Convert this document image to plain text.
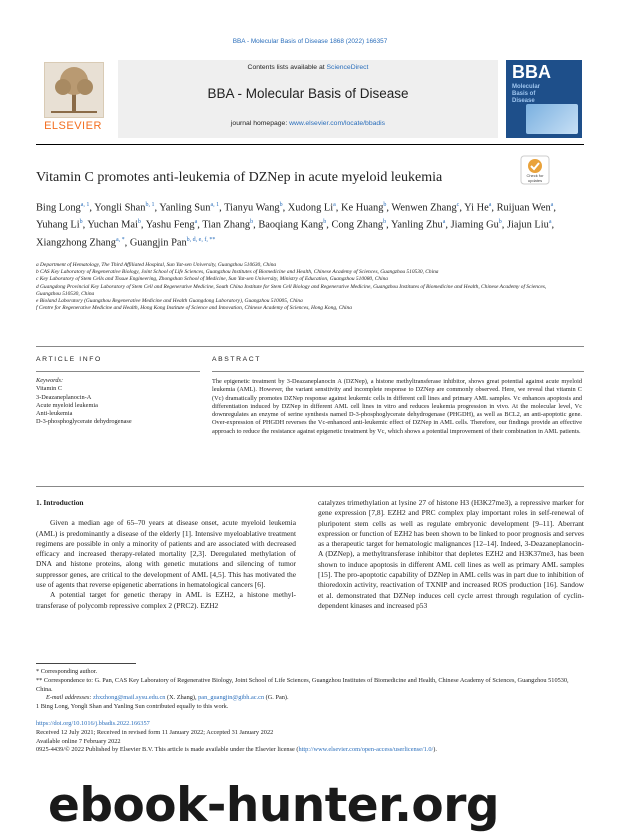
BBA - Molecular Basis of Disease 1868 (2022) 166357
ELSEVIER
Contents lists available at ScienceDirect
BBA - Molecular Basis of Disease
journal homepage: www.elsevier.com/locate/bbadis
BBA
Molecular
Basis of
Disease
Vitamin C promotes anti-leukemia of DZNep in acute myeloid leukemia	Check for
updates
Bing Long$^{a, 1}$, Yongli Shan$^{b, 1}$, Yanling Sun$^{a, 1}$, Tianyu Wang$^b$, Xudong Li$^a$, Ke Huang$^b$, Wenwen Zhang$^c$, Yi He$^a$, Ruijuan Wen$^a$, Yuhang Li$^b$, Yuchan Mai$^b$, Yashu Feng$^a$, Tian Zhang$^b$, Baoqiang Kang$^b$, Cong Zhang$^b$, Yanling Zhu$^a$, Jiaming Gu$^b$, Jiajun Liu$^a$, Xiangzhong Zhang$^{a, *}$, Guangjin Pan$^{b, d, e, f, **}$
a Department of Hematology, The Third Affiliated Hospital, Sun Yat-sen University, Guangzhou 510630, China
b CAS Key Laboratory of Regenerative Biology, Joint School of Life Sciences, Guangzhou Institutes of Biomedicine and Health, Chinese Academy of Sciences, Guangzhou 510530, China
c Key Laboratory of Stem Cells and Tissue Engineering, Zhongshan School of Medicine, Sun Yat-sen University, Ministry of Education, Guangzhou 510080, China
d Guangdong Provincial Key Laboratory of Stem Cell and Regenerative Medicine, South China Institute for Stem Cell Biology and Regenerative Medicine, Guangzhou Institutes of Biomedicine and Health, Chinese Academy of Sciences, Guangzhou 510530, China
e Bioland Laboratory (Guangzhou Regenerative Medicine and Health Guangdong Laboratory), Guangzhou 510005, China
f Centre for Regenerative Medicine and Health, Hong Kong Institute of Science and Innovation, Chinese Academy of Sciences, Hong Kong, China
ARTICLE INFO	ABSTRACT
Keywords:
Vitamin C
3-Deazaneplanocin-A
Acute myeloid leukemia
Anti-leukemia
D-3-phosphoglycerate dehydrogenase
The epigenetic treatment by 3-Deazaneplanocin A (DZNep), a histone methyltransferase inhibitor, shows great potential against acute myeloid leukemia (AML). However, the variant sensitivity and incomplete response to DZNep are commonly observed. Here, we reveal that vitamin C (Vc) dramatically promotes DZNep response against leukemic cells in different cell lines and primary AML samples. Vc enhances apoptosis and differentiation induced by DZNep in different AML cell lines in vitro and reduces leukemia progression in vivo. At the molecular level, Vc downregulates an enzyme of serine synthesis named D-3-phosphoglycerate dehydrogenase (PHGDH), as well as BCL2, an anti-apoptotic gene. Over-expression of PHGDH reverses the Vc-enhanced anti-leukemic effect of DZNep in AML cells. Therefore, our findings provide an effective approach to reduce the resistance against epigenetic treatment by Vc, which shows a potential improvement of their combination in AML patients.
1. Introduction

Given a median age of 65–70 years at disease onset, acute myeloid leukemia (AML) is predominantly a disease of the elderly [1]. Intensive myeloablative treatment regimens are possible in only a minority of patients and are associated with decreased efficacy and increased therapy-related mortality [2,3]. Deregulated methylation of DNA and histone proteins, along with genetic mutations and silencing of tumor suppressor genes, are critical to the development of AML [4,5]. This has motivated the use of agents that reverse epigenetic aberrations in hematological cancers [6].

A potential target for genetic therapy in AML is EZH2, a histone methyl-transferase of polycomb repressive complex 2 (PRC2). EZH2

catalyzes trimethylation at lysine 27 of histone H3 (H3K27me3), a repressive marker for gene expression [7,8]. EZH2 and PRC complex play important roles in self-renewal of pluripotent stem cells as well as regulate embryonic development [9–11]. Aberrant expression or function of EZH2 has been shown to be linked to poor prognosis and serves as a therapeutic target for hematologic malignances [12–14]. Indeed, 3-Deazaneplanocin-A (DZNep), a methyltransferase inhibitor that depletes EZH2 and H3K37me3, has been shown to induce apoptosis in different AML cell lines as well as primary AML samples [15]. The pro-apoptotic capability of DZNep in AML cells was in part due to inhibition of thioredoxin activity, reactivation of TXNIP and increased ROS production [16]. Sandow et al. demonstrated that DZNep induces cell cycle arrest through regulation of cyclin-dependent kinases and increased p53

* Corresponding author.
** Correspondence to: G. Pan, CAS Key Laboratory of Regenerative Biology, Joint School of Life Sciences, Guangzhou Institutes of Biomedicine and Health, Chinese Academy of Sciences, Guangzhou 510530, China.
E-mail addresses: zhxzhong@mail.sysu.edu.cn (X. Zhang), pan_guangjin@gibh.ac.cn (G. Pan).
1 Bing Long, Yongli Shan and Yanling Sun contributed equally to this work.
https://doi.org/10.1016/j.bbadis.2022.166357
Received 12 July 2021; Received in revised form 11 January 2022; Accepted 31 January 2022
Available online 7 February 2022
0925-4439/© 2022 Published by Elsevier B.V. This article is made available under the Elsevier license (http://www.elsevier.com/open-access/userlicense/1.0/).
ebook-hunter.org
